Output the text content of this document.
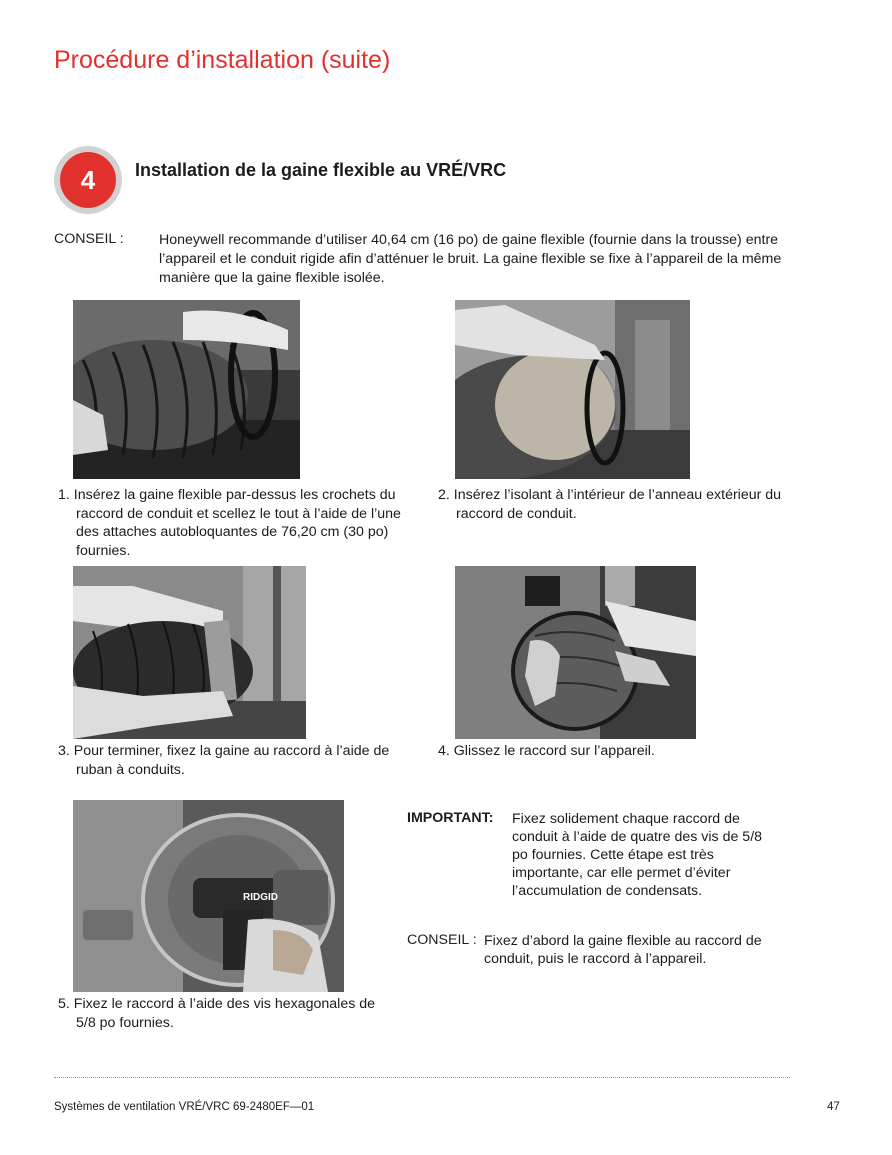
Procédure d’installation (suite)
4	Installation de la gaine flexible au VRÉ/VRC
CONSEIL : Honeywell recommande d’utiliser 40,64 cm (16 po) de gaine flexible (fournie dans la trousse) entre l’appareil et le conduit rigide afin d’atténuer le bruit. La gaine flexible se fixe à l’appareil de la même manière que la gaine flexible isolée.
1. Insérez la gaine flexible par-dessus les crochets du raccord de conduit et scellez le tout à l’aide de l’une des attaches autobloquantes de 76,20 cm (30 po) fournies.
2. Insérez l’isolant à l’intérieur de l’anneau extérieur du raccord de conduit.
3. Pour terminer, fixez la gaine au raccord à l’aide de ruban à conduits.
4. Glissez le raccord sur l’appareil.
RIDGID
5. Fixez le raccord à l’aide des vis hexagonales de 5/8 po fournies.
IMPORTANT: Fixez solidement chaque raccord de conduit à l’aide de quatre des vis de 5/8 po fournies. Cette étape est très importante, car elle permet d’éviter l’accumulation de condensats.
CONSEIL : Fixez d’abord la gaine flexible au raccord de conduit, puis le raccord à l’appareil.
Systèmes de ventilation VRÉ/VRC 69-2480EF—01	47
